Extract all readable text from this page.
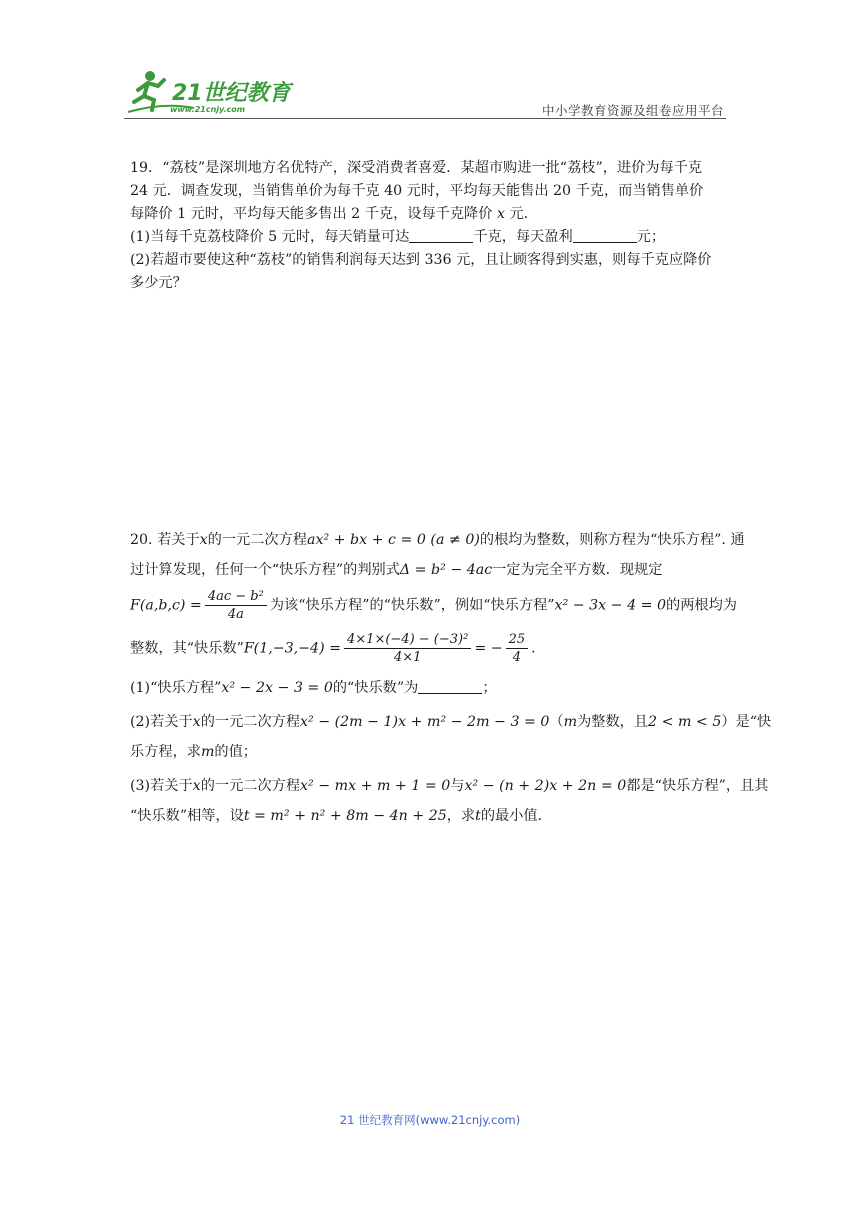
21世纪教育
www.21cnjy.com	中小学教育资源及组卷应用平台

19．“荔枝”是深圳地方名优特产，深受消费者喜爱．某超市购进一批“荔枝”，进价为每千克

24 元．调查发现，当销售单价为每千克 40 元时，平均每天能售出 20 千克，而当销售单价

每降价 1 元时，平均每天能多售出 2 千克，设每千克降价 x 元．

(1)当每千克荔枝降价 5 元时，每天销量可达	千克，每天盈利	元；

(2)若超市要使这种“荔枝”的销售利润每天达到 336 元，且让顾客得到实惠，则每千克应降价

多少元？

20. 若关于x的一元二次方程ax² + bx + c = 0 (a ≠ 0)的根均为整数，则称方程为“快乐方程”. 通

过计算发现，任何一个“快乐方程”的判别式Δ = b² − 4ac一定为完全平方数．现规定

$F(a,b,c) = \frac{\text{4ac − b²}}{4a}$ 为该“快乐方程”的“快乐数”，例如“快乐方程”x² − 3x − 4 = 0的两根均为

整数，其“快乐数”F(1,−3,−4) = $\frac{\text{4×1×(−4) − (−3)²}}{4\times 1}$ = − $\frac{25}{4}$ .

(1)“快乐方程”x² − 2x − 3 = 0的“快乐数”为	；

(2)若关于x的一元二次方程x² − (2m − 1)x + m² − 2m − 3 = 0（m为整数，且2 < m < 5）是“快

乐方程，求m的值；

(3)若关于x的一元二次方程x² − mx + m + 1 = 0与x² − (n + 2)x + 2n = 0都是“快乐方程”，且其

“快乐数”相等，设t = m² + n² + 8m − 4n + 25，求t的最小值．

21 世纪教育网(www.21cnjy.com)
